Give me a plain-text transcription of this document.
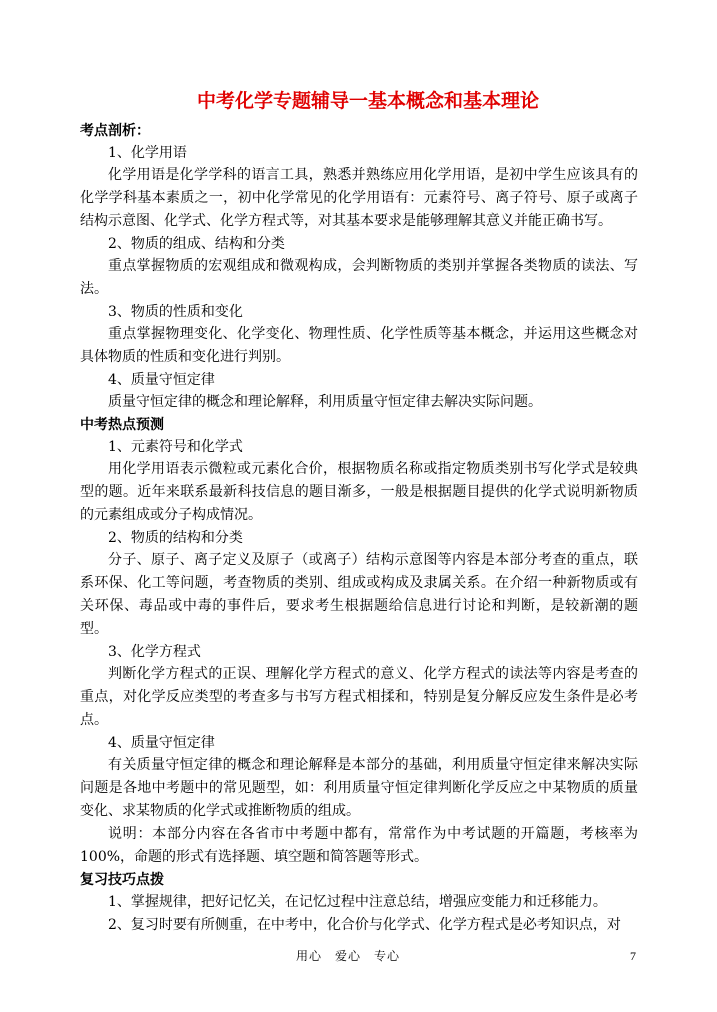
中考化学专题辅导一基本概念和基本理论

考点剖析：

1、化学用语

化学用语是化学学科的语言工具，熟悉并熟练应用化学用语，是初中学生应该具有的化学学科基本素质之一，初中化学常见的化学用语有：元素符号、离子符号、原子或离子结构示意图、化学式、化学方程式等，对其基本要求是能够理解其意义并能正确书写。

2、物质的组成、结构和分类

重点掌握物质的宏观组成和微观构成，会判断物质的类别并掌握各类物质的读法、写法。

3、物质的性质和变化

重点掌握物理变化、化学变化、物理性质、化学性质等基本概念，并运用这些概念对具体物质的性质和变化进行判别。

4、质量守恒定律

质量守恒定律的概念和理论解释，利用质量守恒定律去解决实际问题。

中考热点预测

1、元素符号和化学式

用化学用语表示微粒或元素化合价，根据物质名称或指定物质类别书写化学式是较典型的题。近年来联系最新科技信息的题目渐多，一般是根据题目提供的化学式说明新物质的元素组成或分子构成情况。

2、物质的结构和分类

分子、原子、离子定义及原子（或离子）结构示意图等内容是本部分考查的重点，联系环保、化工等问题，考查物质的类别、组成或构成及隶属关系。在介绍一种新物质或有关环保、毒品或中毒的事件后，要求考生根据题给信息进行讨论和判断，是较新潮的题型。

3、化学方程式

判断化学方程式的正误、理解化学方程式的意义、化学方程式的读法等内容是考查的重点，对化学反应类型的考查多与书写方程式相揉和，特别是复分解反应发生条件是必考点。

4、质量守恒定律

有关质量守恒定律的概念和理论解释是本部分的基础，利用质量守恒定律来解决实际问题是各地中考题中的常见题型，如：利用质量守恒定律判断化学反应之中某物质的质量变化、求某物质的化学式或推断物质的组成。

说明：本部分内容在各省市中考题中都有，常常作为中考试题的开篇题，考核率为100%，命题的形式有选择题、填空题和简答题等形式。

复习技巧点拨

1、掌握规律，把好记忆关，在记忆过程中注意总结，增强应变能力和迁移能力。

2、复习时要有所侧重，在中考中，化合价与化学式、化学方程式是必考知识点，对

用心　爱心　专心	7
